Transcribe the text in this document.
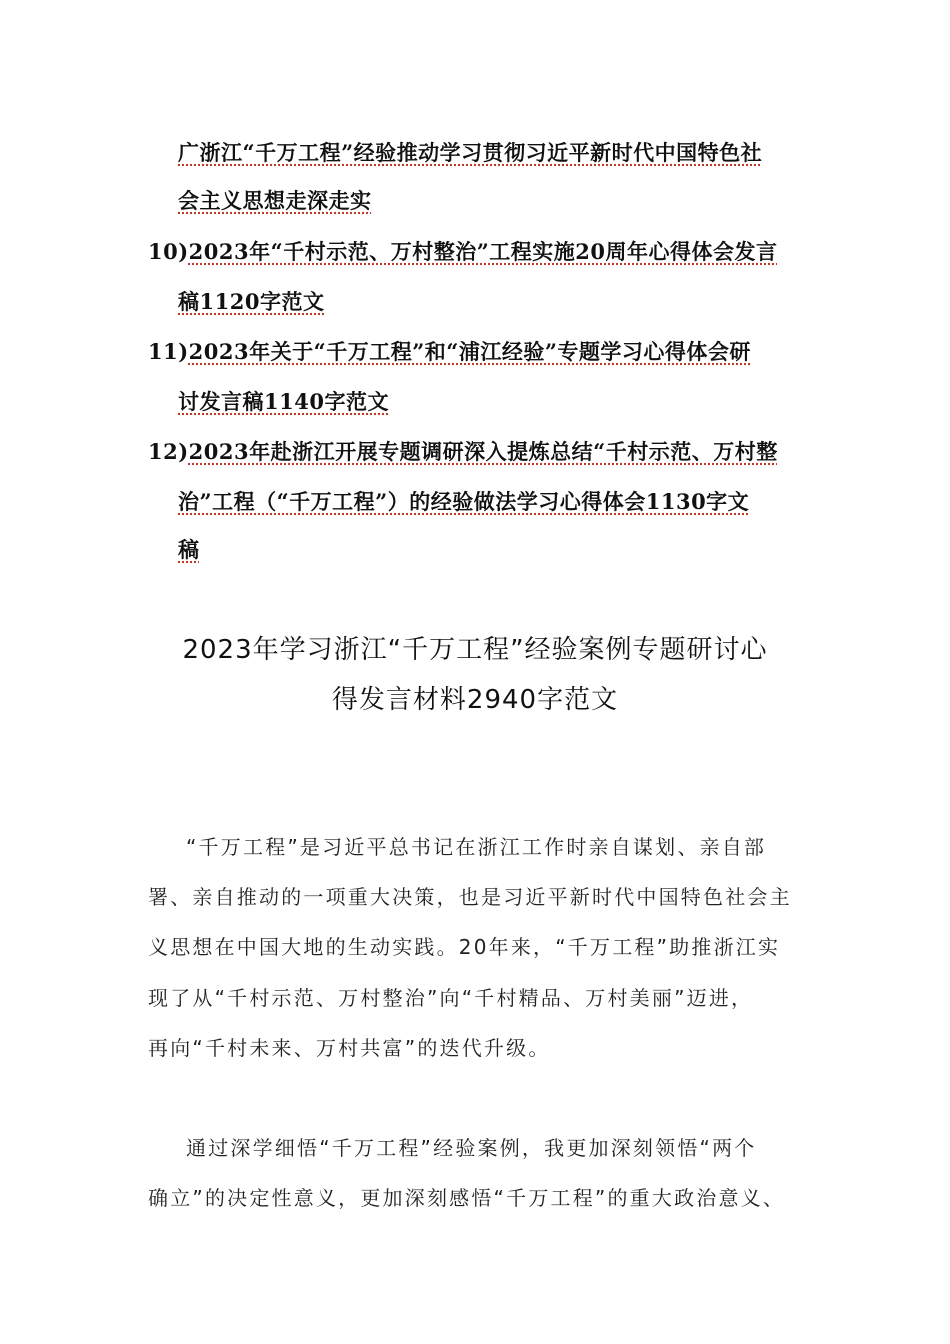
广浙江“千万工程”经验推动学习贯彻习近平新时代中国特色社
会主义思想走深走实
10)2023年“千村示范、万村整治”工程实施20周年心得体会发言
稿1120字范文
11)2023年关于“千万工程”和“浦江经验”专题学习心得体会研
讨发言稿1140字范文
12)2023年赴浙江开展专题调研深入提炼总结“千村示范、万村整
治”工程（“千万工程”）的经验做法学习心得体会1130字文
稿
2023年学习浙江“千万工程”经验案例专题研讨心
得发言材料2940字范文
“千万工程”是习近平总书记在浙江工作时亲自谋划、亲自部
署、亲自推动的一项重大决策，也是习近平新时代中国特色社会主
义思想在中国大地的生动实践。20年来，“千万工程”助推浙江实
现了从“千村示范、万村整治”向“千村精品、万村美丽”迈进，
再向“千村未来、万村共富”的迭代升级。
通过深学细悟“千万工程”经验案例，我更加深刻领悟“两个
确立”的决定性意义，更加深刻感悟“千万工程”的重大政治意义、
